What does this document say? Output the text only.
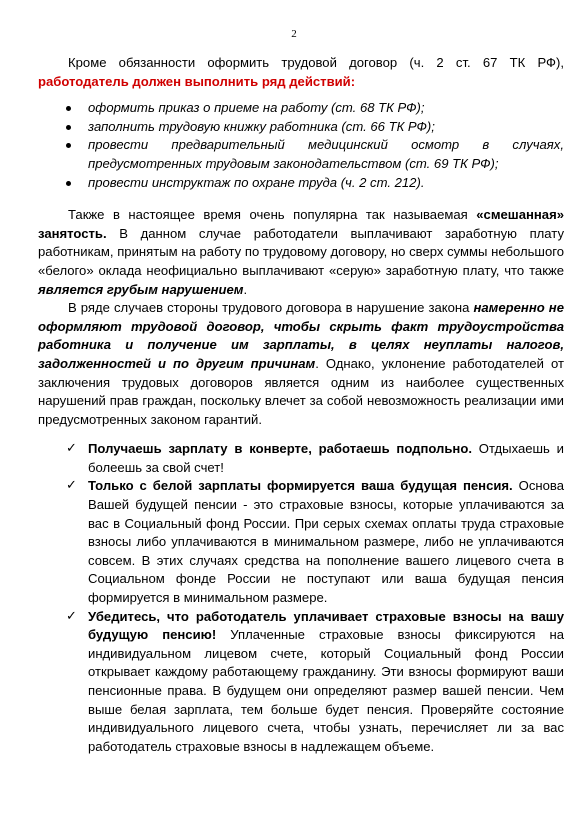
2

Кроме обязанности оформить трудовой договор (ч. 2 ст. 67 ТК РФ), работодатель должен выполнить ряд действий:

оформить приказ о приеме на работу (ст. 68 ТК РФ);
заполнить трудовую книжку работника (ст. 66 ТК РФ);
провести предварительный медицинский осмотр в случаях, предусмотренных трудовым законодательством (ст. 69 ТК РФ);
провести инструктаж по охране труда (ч. 2 ст. 212).

Также в настоящее время очень популярна так называемая «смешанная» занятость. В данном случае работодатели выплачивают заработную плату работникам, принятым на работу по трудовому договору, но сверх суммы небольшого «белого» оклада неофициально выплачивают «серую» заработную плату, что также является грубым нарушением.

В ряде случаев стороны трудового договора в нарушение закона намеренно не оформляют трудовой договор, чтобы скрыть факт трудоустройства работника и получение им зарплаты, в целях неуплаты налогов, задолженностей и по другим причинам. Однако, уклонение работодателей от заключения трудовых договоров является одним из наиболее существенных нарушений прав граждан, поскольку влечет за собой невозможность реализации ими предусмотренных законом гарантий.

✓ Получаешь зарплату в конверте, работаешь подпольно. Отдыхаешь и болеешь за свой счет!
✓ Только с белой зарплаты формируется ваша будущая пенсия. Основа Вашей будущей пенсии - это страховые взносы, которые уплачиваются за вас в Социальный фонд России. При серых схемах оплаты труда страховые взносы либо уплачиваются в минимальном размере, либо не уплачиваются совсем. В этих случаях средства на пополнение вашего лицевого счета в Социальном фонде России не поступают или ваша будущая пенсия формируется в минимальном размере.
✓ Убедитесь, что работодатель уплачивает страховые взносы на вашу будущую пенсию! Уплаченные страховые взносы фиксируются на индивидуальном лицевом счете, который Социальный фонд России открывает каждому работающему гражданину. Эти взносы формируют ваши пенсионные права. В будущем они определяют размер вашей пенсии. Чем выше белая зарплата, тем больше будет пенсия. Проверяйте состояние индивидуального лицевого счета, чтобы узнать, перечисляет ли за вас работодатель страховые взносы в надлежащем объеме.
